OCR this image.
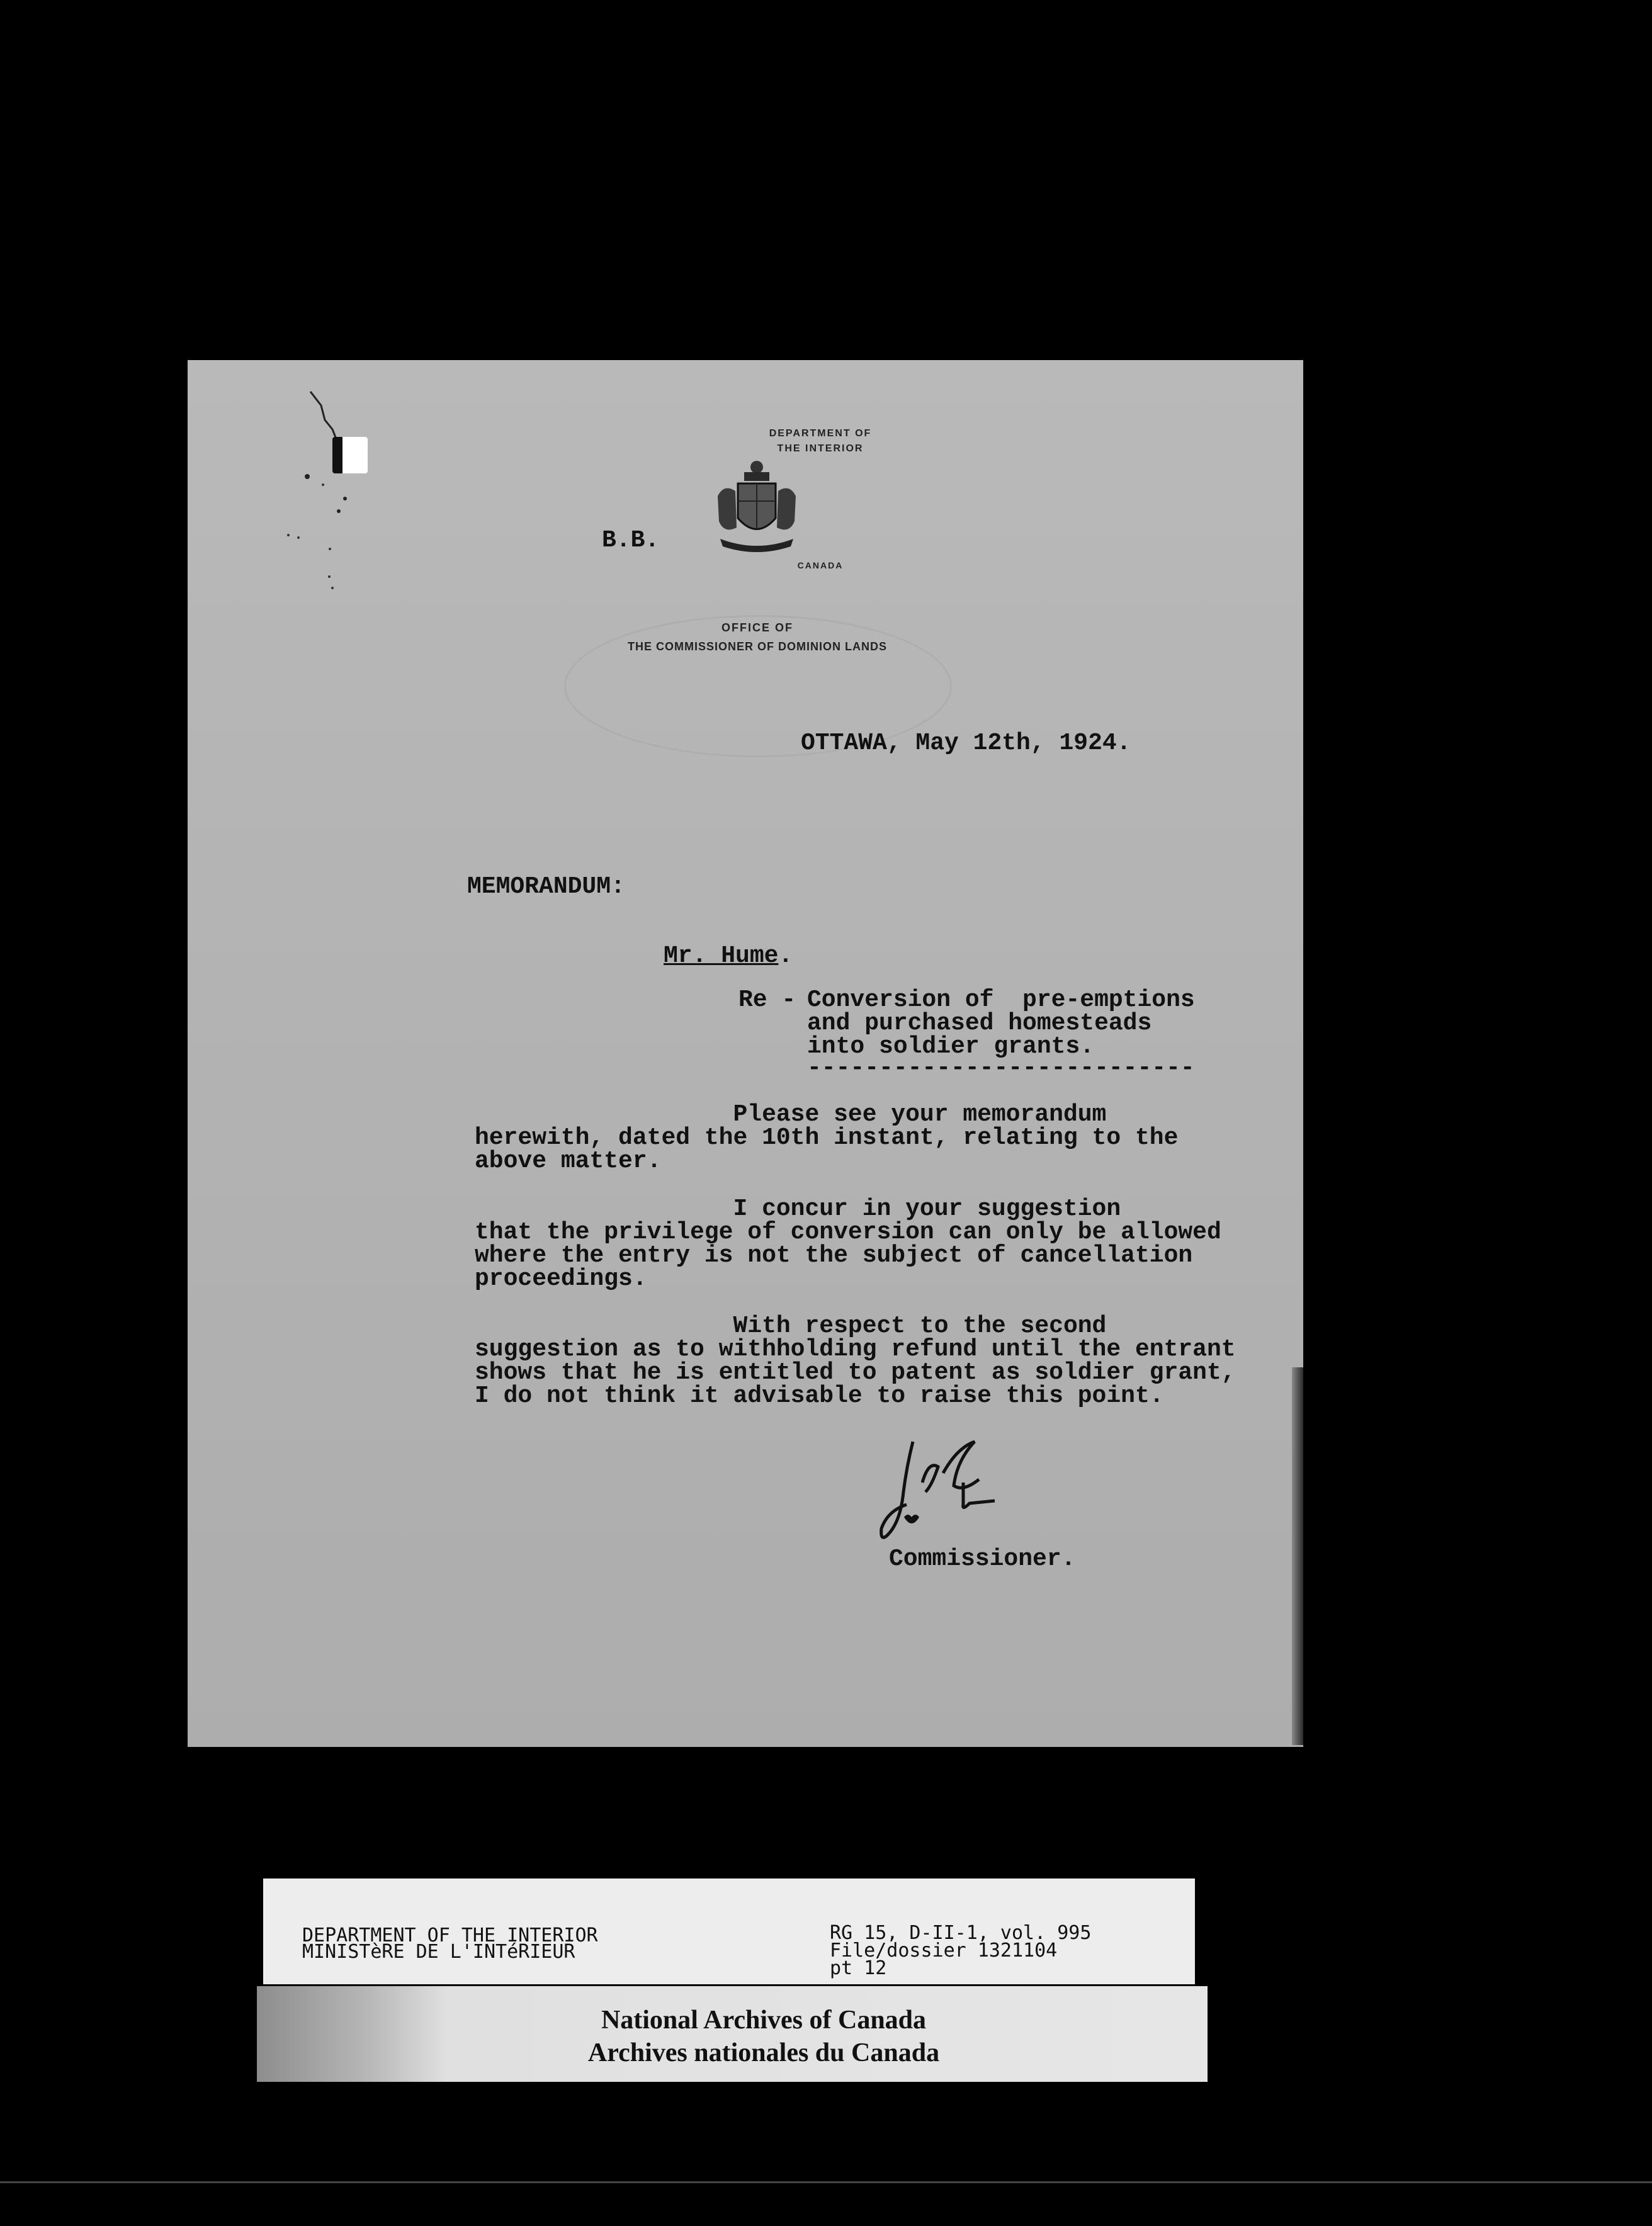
DEPARTMENT OF
THE INTERIOR
CANADA
OFFICE OF
THE COMMISSIONER OF DOMINION LANDS
B.B.
OTTAWA, May 12th, 1924.
MEMORANDUM:
Mr. Hume.
Re - Conversion of  pre-emptions
and purchased homesteads
into soldier grants.
---------------------------
Please see your memorandum
herewith, dated the 10th instant, relating to the
above matter.
I concur in your suggestion
that the privilege of conversion can only be allowed
where the entry is not the subject of cancellation
proceedings.
With respect to the second
suggestion as to withholding refund until the entrant
shows that he is entitled to patent as soldier grant,
I do not think it advisable to raise this point.
Commissioner.
DEPARTMENT OF THE INTERIOR
MINISTèRE DE L'INTéRIEUR
RG 15, D-II-1, vol. 995
File/dossier 1321104
pt 12
National Archives of Canada
Archives nationales du Canada
